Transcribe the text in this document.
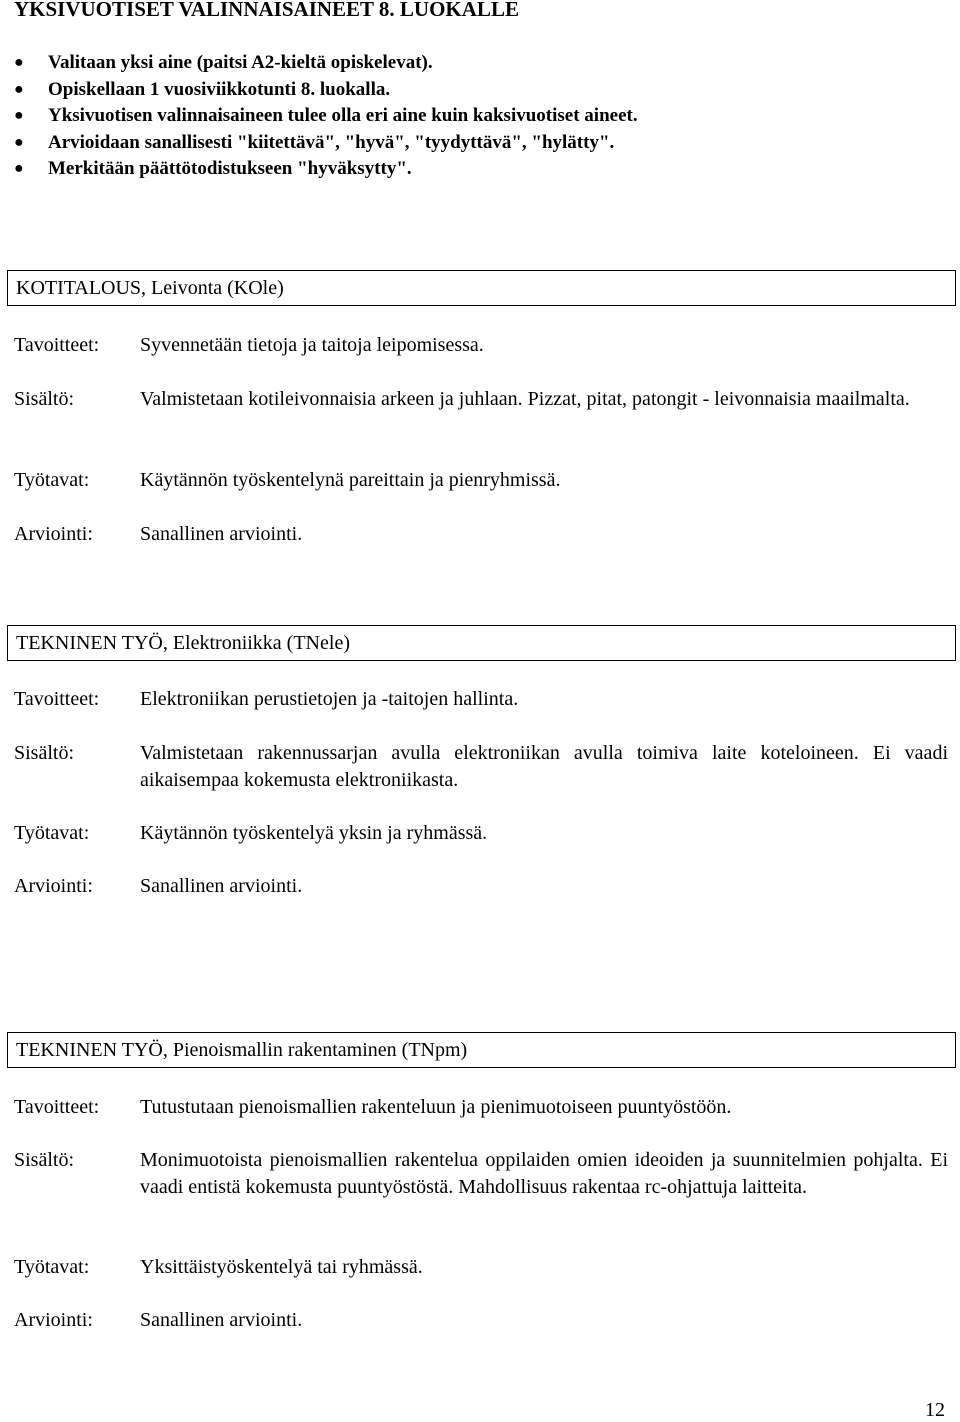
YKSIVUOTISET VALINNAISAINEET 8. LUOKALLE
● Valitaan yksi aine (paitsi A2-kieltä opiskelevat).
● Opiskellaan 1 vuosiviikkotunti 8. luokalla.
● Yksivuotisen valinnaisaineen tulee olla eri aine kuin kaksivuotiset aineet.
● Arvioidaan sanallisesti "kiitettävä", "hyvä", "tyydyttävä", "hylätty".
● Merkitään päättötodistukseen "hyväksytty".
KOTITALOUS, Leivonta (KOle)
Tavoitteet: Syvennetään tietoja ja taitoja leipomisessa.
Sisältö:	Valmistetaan kotileivonnaisia arkeen ja juhlaan. Pizzat, pitat, patongit - leivonnaisia maailmalta.
Työtavat:	Käytännön työskentelynä pareittain ja pienryhmissä.
Arviointi: Sanallinen arviointi.
TEKNINEN TYÖ, Elektroniikka (TNele)
Tavoitteet: Elektroniikan perustietojen ja -taitojen hallinta.
Sisältö:	Valmistetaan rakennussarjan avulla elektroniikan avulla toimiva laite koteloineen. Ei vaadi aikaisempaa kokemusta elektroniikasta.
Työtavat:	Käytännön työskentelyä yksin ja ryhmässä.
Arviointi: Sanallinen arviointi.
TEKNINEN TYÖ, Pienoismallin rakentaminen (TNpm)
Tavoitteet: Tutustutaan pienoismallien rakenteluun ja pienimuotoiseen puuntyöstöön.
Sisältö:	Monimuotoista pienoismallien rakentelua oppilaiden omien ideoiden ja suunnitelmien pohjalta. Ei vaadi entistä kokemusta puuntyöstöstä. Mahdollisuus rakentaa rc-ohjattuja laitteita.
Työtavat:	Yksittäistyöskentelyä tai ryhmässä.
Arviointi: Sanallinen arviointi.
12
